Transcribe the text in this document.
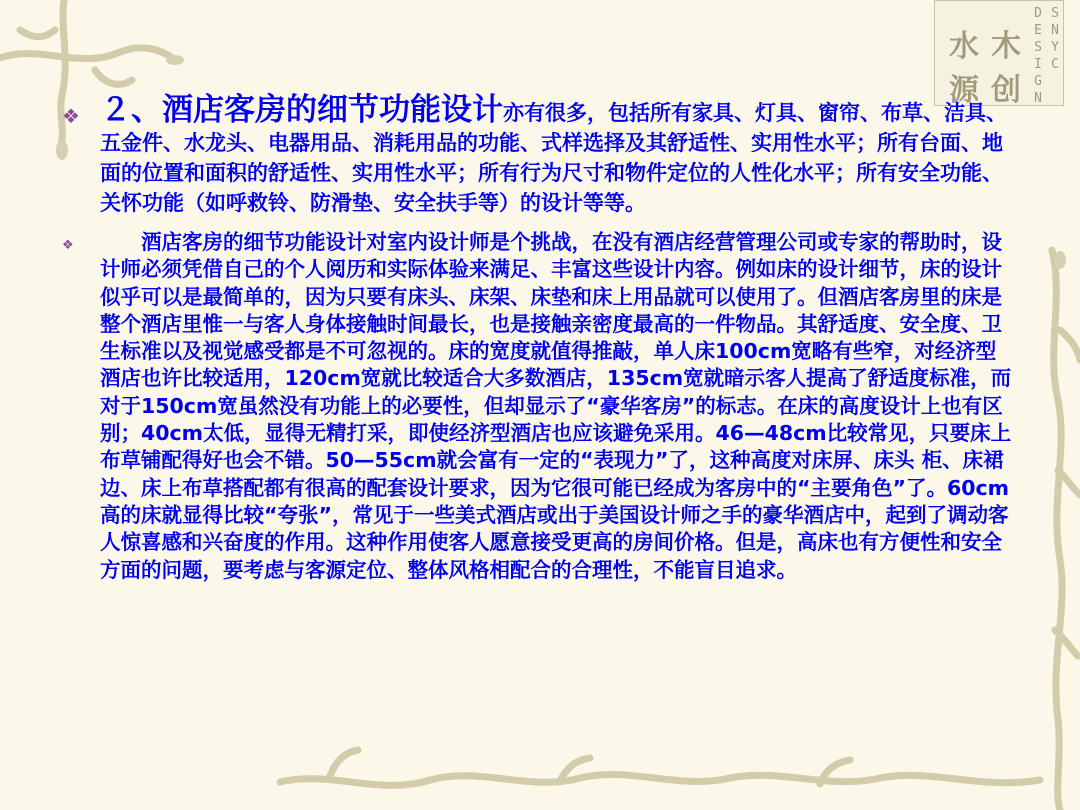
水 木
源 创
DESIGN
SNYC
❖ ２、酒店客房的细节功能设计亦有很多，包括所有家具、灯具、窗帘、布草、洁具、五金件、水龙头、电器用品、消耗用品的功能、式样选择及其舒适性、实用性水平；所有台面、地面的位置和面积的舒适性、实用性水平；所有行为尺寸和物件定位的人性化水平；所有安全功能、关怀功能（如呼救铃、防滑垫、安全扶手等）的设计等等。
❖
　　	酒店客房的细节功能设计对室内设计师是个挑战，在没有酒店经营管理公司或专家的帮助时，设计师必须凭借自己的个人阅历和实际体验来满足、丰富这些设计内容。例如床的设计细节，床的设计似乎可以是最简单的，因为只要有床头、床架、床垫和床上用品就可以使用了。但酒店客房里的床是整个酒店里惟一与客人身体接触时间最长，也是接触亲密度最高的一件物品。其舒适度、安全度、卫生标准以及视觉感受都是不可忽视的。床的宽度就值得推敲，单人床100cm宽略有些窄，对经济型酒店也许比较适用，120cm宽就比较适合大多数酒店，135cm宽就暗示客人提高了舒适度标准，而对于150cm宽虽然没有功能上的必要性，但却显示了“豪华客房”的标志。在床的高度设计上也有区别；40cm太低，显得无精打采，即使经济型酒店也应该避免采用。46—48cm比较常见，只要床上布草铺配得好也会不错。50—55cm就会富有一定的“表现力”了，这种高度对床屏、床头 柜、床裙边、床上布草搭配都有很高的配套设计要求，因为它很可能已经成为客房中的“主要角色”了。60cm高的床就显得比较“夸张”，常见于一些美式酒店或出于美国设计师之手的豪华酒店中，起到了调动客人惊喜感和兴奋度的作用。这种作用使客人愿意接受更高的房间价格。但是，高床也有方便性和安全方面的问题，要考虑与客源定位、整体风格相配合的合理性，不能盲目追求。
